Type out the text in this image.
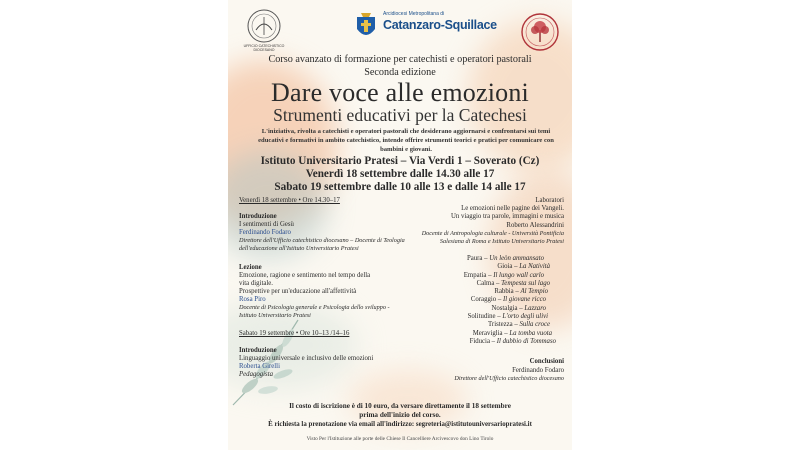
UFFICIO CATECHISTICO DIOCESANO
Arcidiocesi Metropolitana di
Catanzaro-Squillace
Corso avanzato di formazione per catechisti e operatori pastorali
Seconda edizione
Dare voce alle emozioni
Strumenti educativi per la Catechesi
L'iniziativa, rivolta a catechisti e operatori pastorali che desiderano aggiornarsi e confrontarsi sui temi educativi e formativi in ambito catechistico, intende offrire strumenti teorici e pratici per comunicare con bambini e giovani.
Istituto Universitario Pratesi – Via Verdi 1 – Soverato (Cz)
Venerdì 18 settembre dalle 14.30 alle 17
Sabato 19 settembre dalle 10 alle 13 e dalle 14 alle 17
Venerdì 18 settembre • Ore 14.30–17
Introduzione
I sentimenti di Gesù
Ferdinando Fodaro
Direttore dell'Ufficio catechistico diocesano – Docente di Teologia dell'educazione all'Istituto Universitario Pratesi
Lezione
Emozione, ragione e sentimento nel tempo della vita digitale.
Prospettive per un'educazione all'affettività
Rosa Piro
Docente di Psicologia generale e Psicologia dello sviluppo - Istituto Universitario Pratesi
Sabato 19 settembre • Ore 10–13 /14–16
Introduzione
Linguaggio universale e inclusivo delle emozioni
Roberta Girelli
Pedagogista
Laboratori
Le emozioni nelle pagine dei Vangeli.
Un viaggio tra parole, immagini e musica
Roberto Alessandrini
Docente di Antropologia culturale - Università Pontificia
Salesiana di Roma e Istituto Universitario Pratesi
Paura – Un leòn ammansato
Gioia – La Natività
Empatia – Il lungo wall carlo
Calma – Tempesta sul lago
Rabbia – Al Tempio
Coraggio – Il giovane ricco
Nostalgia – Lazzaro
Solitudine – L'orto degli ulivi
Tristezza – Sulla croce
Meraviglia – La tomba vuota
Fiducia – Il dubbio di Tommaso
Conclusioni
Ferdinando Fodaro
Direttore dell'Ufficio catechistico diocesano
Il costo di iscrizione è di 10 euro, da versare direttamente il 18 settembre
prima dell'inizio del corso.
È richiesta la prenotazione via email all'indirizzo: segreteria@istitutouniversariopratesi.it
Visto Per l'Istituzione alle porte delle Chiese Il Cancelliere Arcivescovo don Lino Tirolo
